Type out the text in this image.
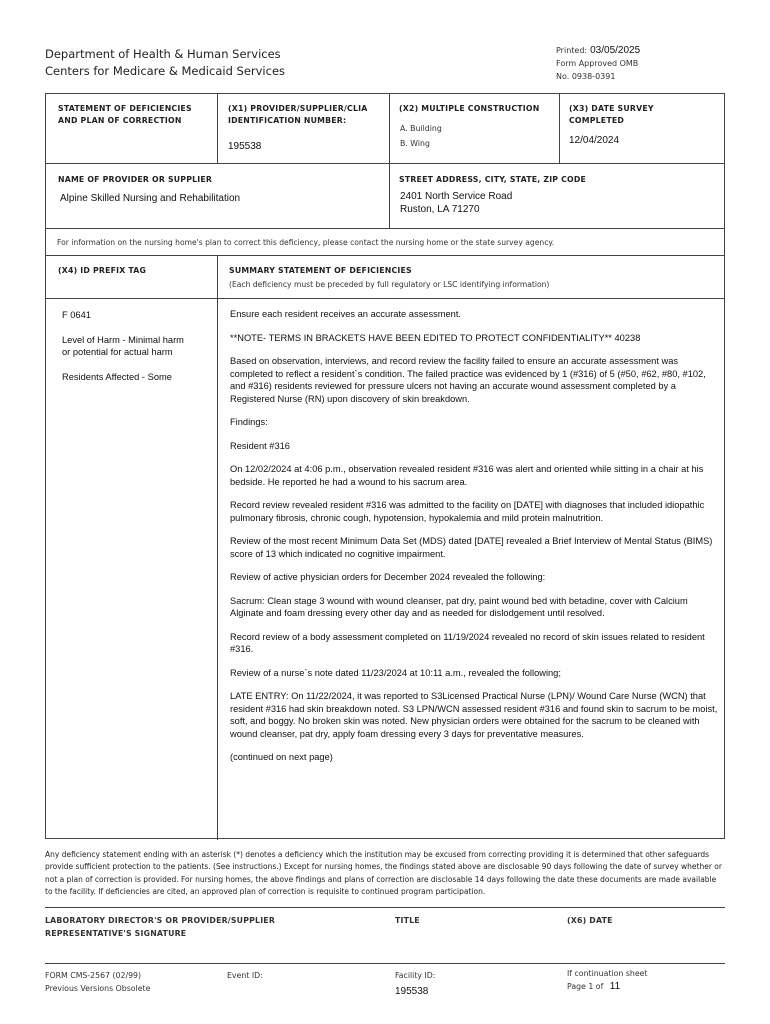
Department of Health & Human Services
Centers for Medicare & Medicaid Services
Printed: 03/05/2025
Form Approved OMB
No. 0938-0391
STATEMENT OF DEFICIENCIES
AND PLAN OF CORRECTION
(X1) PROVIDER/SUPPLIER/CLIA
IDENTIFICATION NUMBER:
195538
(X2) MULTIPLE CONSTRUCTION
A. Building
B. Wing
(X3) DATE SURVEY
COMPLETED
12/04/2024
NAME OF PROVIDER OR SUPPLIER
Alpine Skilled Nursing and Rehabilitation
STREET ADDRESS, CITY, STATE, ZIP CODE
2401 North Service Road
Ruston, LA 71270
For information on the nursing home's plan to correct this deficiency, please contact the nursing home or the state survey agency.
(X4) ID PREFIX TAG	SUMMARY STATEMENT OF DEFICIENCIES
(Each deficiency must be preceded by full regulatory or LSC identifying information)
F 0641
Level of Harm - Minimal harm
or potential for actual harm
Residents Affected - Some

Ensure each resident receives an accurate assessment.

**NOTE- TERMS IN BRACKETS HAVE BEEN EDITED TO PROTECT CONFIDENTIALITY** 40238

Based on observation, interviews, and record review the facility failed to ensure an accurate assessment was completed to reflect a resident`s condition. The failed practice was evidenced by 1 (#316) of 5 (#50, #62, #80, #102, and #316) residents reviewed for pressure ulcers not having an accurate wound assessment completed by a Registered Nurse (RN) upon discovery of skin breakdown.

Findings:

Resident #316

On 12/02/2024 at 4:06 p.m., observation revealed resident #316 was alert and oriented while sitting in a chair at his bedside. He reported he had a wound to his sacrum area.

Record review revealed resident #316 was admitted to the facility on [DATE] with diagnoses that included idiopathic pulmonary fibrosis, chronic cough, hypotension, hypokalemia and mild protein malnutrition.

Review of the most recent Minimum Data Set (MDS) dated [DATE] revealed a Brief Interview of Mental Status (BIMS) score of 13 which indicated no cognitive impairment.

Review of active physician orders for December 2024 revealed the following:

Sacrum: Clean stage 3 wound with wound cleanser, pat dry, paint wound bed with betadine, cover with Calcium Alginate and foam dressing every other day and as needed for dislodgement until resolved.

Record review of a body assessment completed on 11/19/2024 revealed no record of skin issues related to resident #316.

Review of a nurse`s note dated 11/23/2024 at 10:11 a.m., revealed the following;

LATE ENTRY: On 11/22/2024, it was reported to S3Licensed Practical Nurse (LPN)/ Wound Care Nurse (WCN) that resident #316 had skin breakdown noted. S3 LPN/WCN assessed resident #316 and found skin to sacrum to be moist, soft, and boggy. No broken skin was noted. New physician orders were obtained for the sacrum to be cleaned with wound cleanser, pat dry, apply foam dressing every 3 days for preventative measures.

(continued on next page)

Any deficiency statement ending with an asterisk (*) denotes a deficiency which the institution may be excused from correcting providing it is determined that other safeguards provide sufficient protection to the patients. (See instructions.) Except for nursing homes, the findings stated above are disclosable 90 days following the date of survey whether or not a plan of correction is provided. For nursing homes, the above findings and plans of correction are disclosable 14 days following the date these documents are made available to the facility. If deficiencies are cited, an approved plan of correction is requisite to continued program participation.
LABORATORY DIRECTOR'S OR PROVIDER/SUPPLIER
REPRESENTATIVE'S SIGNATURE
TITLE	(X6) DATE
FORM CMS-2567 (02/99)
Previous Versions Obsolete
Event ID:	Facility ID:
195538
If continuation sheet
Page 1 of 11
